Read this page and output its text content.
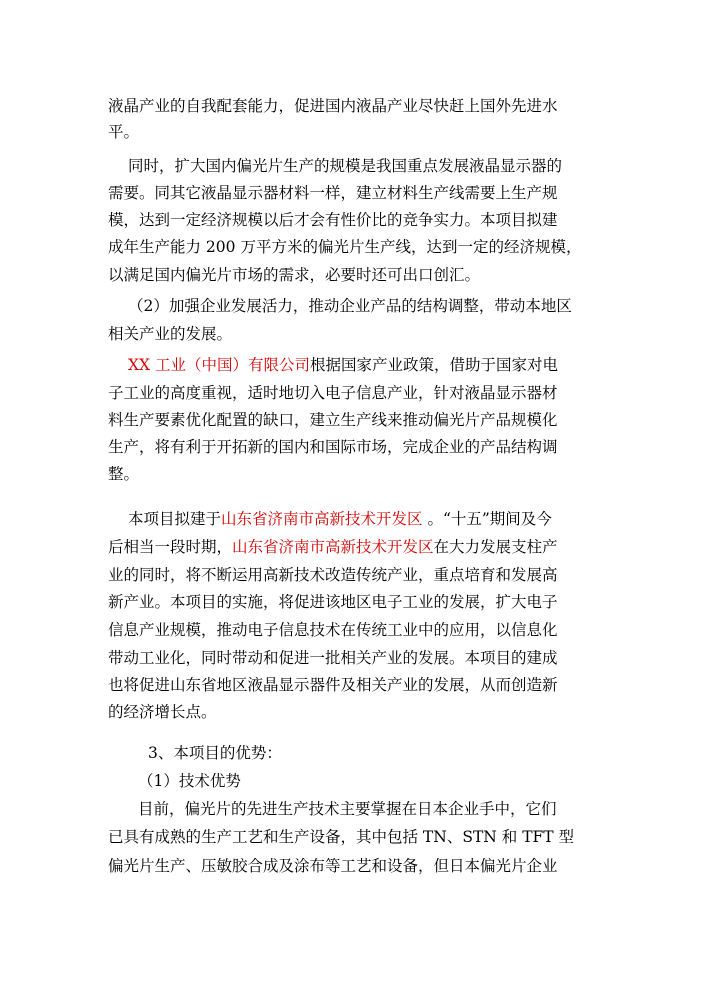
液晶产业的自我配套能力，促进国内液晶产业尽快赶上国外先进水
平。
同时，扩大国内偏光片生产的规模是我国重点发展液晶显示器的
需要。同其它液晶显示器材料一样，建立材料生产线需要上生产规
模，达到一定经济规模以后才会有性价比的竞争实力。本项目拟建
成年生产能力 200 万平方米的偏光片生产线，达到一定的经济规模，
以满足国内偏光片市场的需求，必要时还可出口创汇。
（2）加强企业发展活力，推动企业产品的结构调整，带动本地区
相关产业的发展。
XX 工业（中国）有限公司根据国家产业政策，借助于国家对电
子工业的高度重视，适时地切入电子信息产业，针对液晶显示器材
料生产要素优化配置的缺口，建立生产线来推动偏光片产品规模化
生产，将有利于开拓新的国内和国际市场，完成企业的产品结构调
整。
本项目拟建于山东省济南市高新技术开发区 。“十五”期间及今
后相当一段时期，山东省济南市高新技术开发区在大力发展支柱产
业的同时，将不断运用高新技术改造传统产业，重点培育和发展高
新产业。本项目的实施，将促进该地区电子工业的发展，扩大电子
信息产业规模，推动电子信息技术在传统工业中的应用，以信息化
带动工业化，同时带动和促进一批相关产业的发展。本项目的建成
也将促进山东省地区液晶显示器件及相关产业的发展，从而创造新
的经济增长点。
3、本项目的优势：
（1）技术优势
目前，偏光片的先进生产技术主要掌握在日本企业手中，它们
已具有成熟的生产工艺和生产设备，其中包括 TN、STN 和 TFT 型
偏光片生产、压敏胶合成及涂布等工艺和设备，但日本偏光片企业
